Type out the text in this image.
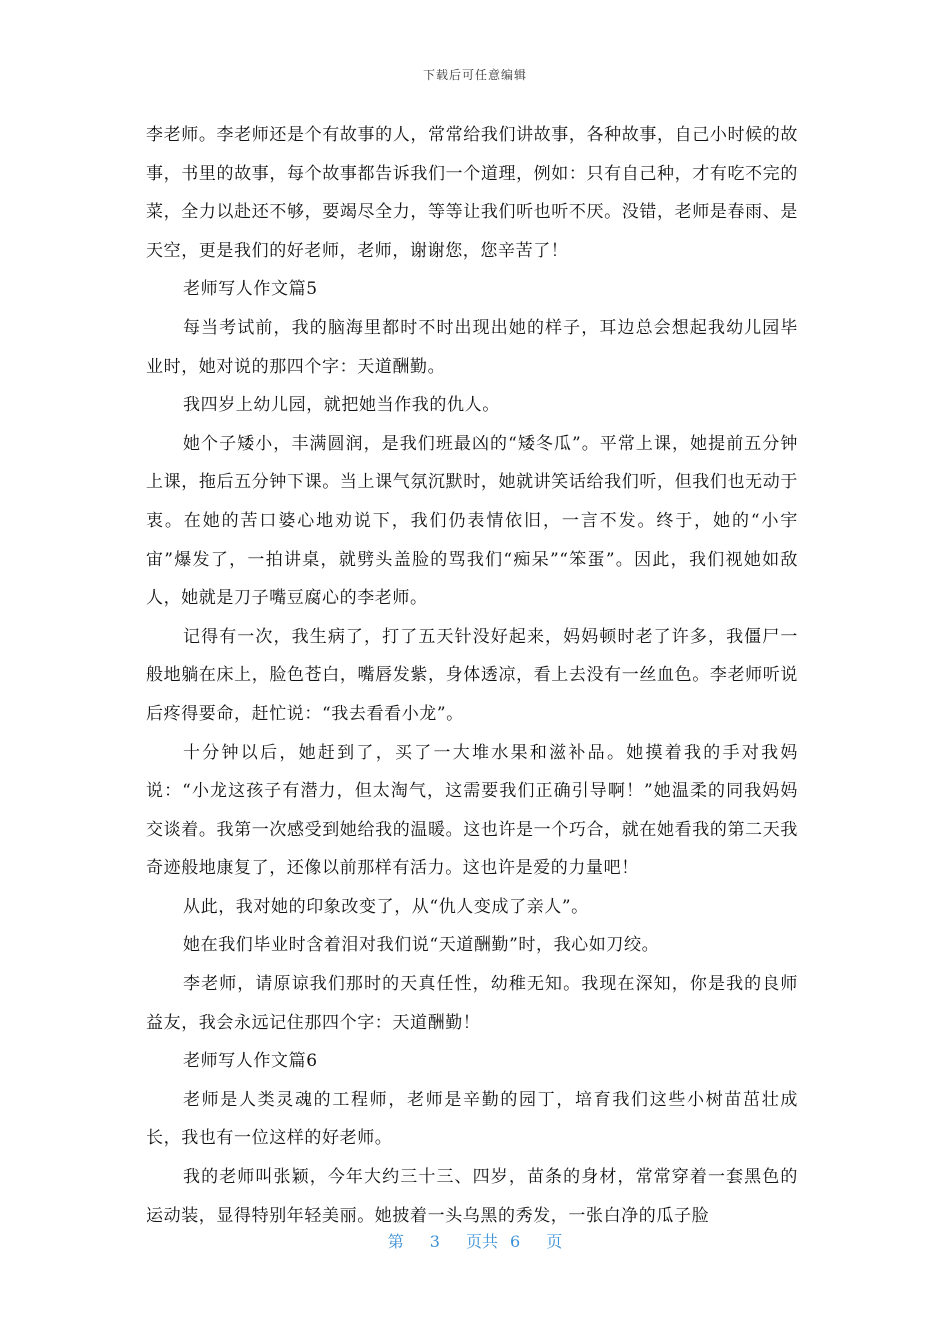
下载后可任意编辑

李老师。李老师还是个有故事的人，常常给我们讲故事，各种故事，自己小时候的故事，书里的故事，每个故事都告诉我们一个道理，例如：只有自己种，才有吃不完的菜，全力以赴还不够，要竭尽全力，等等让我们听也听不厌。没错，老师是春雨、是天空，更是我们的好老师，老师，谢谢您，您辛苦了！

老师写人作文篇5

每当考试前，我的脑海里都时不时出现出她的样子，耳边总会想起我幼儿园毕业时，她对说的那四个字：天道酬勤。

我四岁上幼儿园，就把她当作我的仇人。

她个子矮小，丰满圆润，是我们班最凶的“矮冬瓜”。平常上课，她提前五分钟上课，拖后五分钟下课。当上课气氛沉默时，她就讲笑话给我们听，但我们也无动于衷。在她的苦口婆心地劝说下，我们仍表情依旧，一言不发。终于，她的“小宇宙”爆发了，一拍讲桌，就劈头盖脸的骂我们“痴呆”“笨蛋”。因此，我们视她如敌人，她就是刀子嘴豆腐心的李老师。

记得有一次，我生病了，打了五天针没好起来，妈妈顿时老了许多，我僵尸一般地躺在床上，脸色苍白，嘴唇发紫，身体透凉，看上去没有一丝血色。李老师听说后疼得要命，赶忙说：“我去看看小龙”。

十分钟以后，她赶到了，买了一大堆水果和滋补品。她摸着我的手对我妈说：“小龙这孩子有潜力，但太淘气，这需要我们正确引导啊！”她温柔的同我妈妈交谈着。我第一次感受到她给我的温暖。这也许是一个巧合，就在她看我的第二天我奇迹般地康复了，还像以前那样有活力。这也许是爱的力量吧！

从此，我对她的印象改变了，从“仇人变成了亲人”。

她在我们毕业时含着泪对我们说“天道酬勤”时，我心如刀绞。

李老师，请原谅我们那时的天真任性，幼稚无知。我现在深知，你是我的良师益友，我会永远记住那四个字：天道酬勤！

老师写人作文篇6

老师是人类灵魂的工程师，老师是辛勤的园丁，培育我们这些小树苗茁壮成长，我也有一位这样的好老师。

我的老师叫张颖，今年大约三十三、四岁，苗条的身材，常常穿着一套黑色的运动装，显得特别年轻美丽。她披着一头乌黑的秀发，一张白净的瓜子脸

第 3 页共 6 页
